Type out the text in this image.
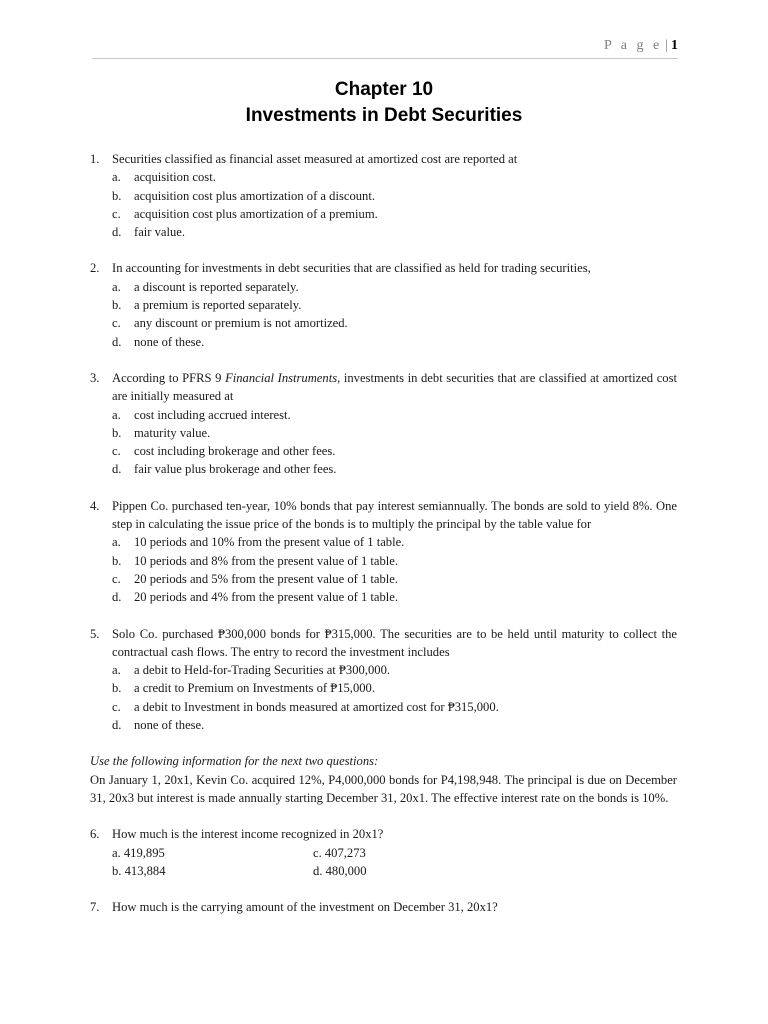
P a g e | 1
Chapter 10
Investments in Debt Securities
1. Securities classified as financial asset measured at amortized cost are reported at
a.	acquisition cost.
b. acquisition cost plus amortization of a discount.
c.	acquisition cost plus amortization of a premium.
d. fair value.
2. In accounting for investments in debt securities that are classified as held for trading securities,
a.	a discount is reported separately.
b. a premium is reported separately.
c.	any discount or premium is not amortized.
d. none of these.
3. According to PFRS 9 Financial Instruments, investments in debt securities that are classified at amortized cost are initially measured at
a.	cost including accrued interest.
b. maturity value.
c.	cost including brokerage and other fees.
d. fair value plus brokerage and other fees.
4. Pippen Co. purchased ten-year, 10% bonds that pay interest semiannually. The bonds are sold to yield 8%. One step in calculating the issue price of the bonds is to multiply the principal by the table value for
a.	10 periods and 10% from the present value of 1 table.
b. 10 periods and 8% from the present value of 1 table.
c.	20 periods and 5% from the present value of 1 table.
d. 20 periods and 4% from the present value of 1 table.
5. Solo Co. purchased ₱300,000 bonds for ₱315,000. The securities are to be held until maturity to collect the contractual cash flows. The entry to record the investment includes
a.	a debit to Held-for-Trading Securities at ₱300,000.
b. a credit to Premium on Investments of ₱15,000.
c.	a debit to Investment in bonds measured at amortized cost for ₱315,000.
d. none of these.
Use the following information for the next two questions:
On January 1, 20x1, Kevin Co. acquired 12%, P4,000,000 bonds for P4,198,948. The principal is due on December 31, 20x3 but interest is made annually starting December 31, 20x1. The effective interest rate on the bonds is 10%.
6. How much is the interest income recognized in 20x1?
a. 419,895	c. 407,273
b. 413,884	d. 480,000
7. How much is the carrying amount of the investment on December 31, 20x1?
